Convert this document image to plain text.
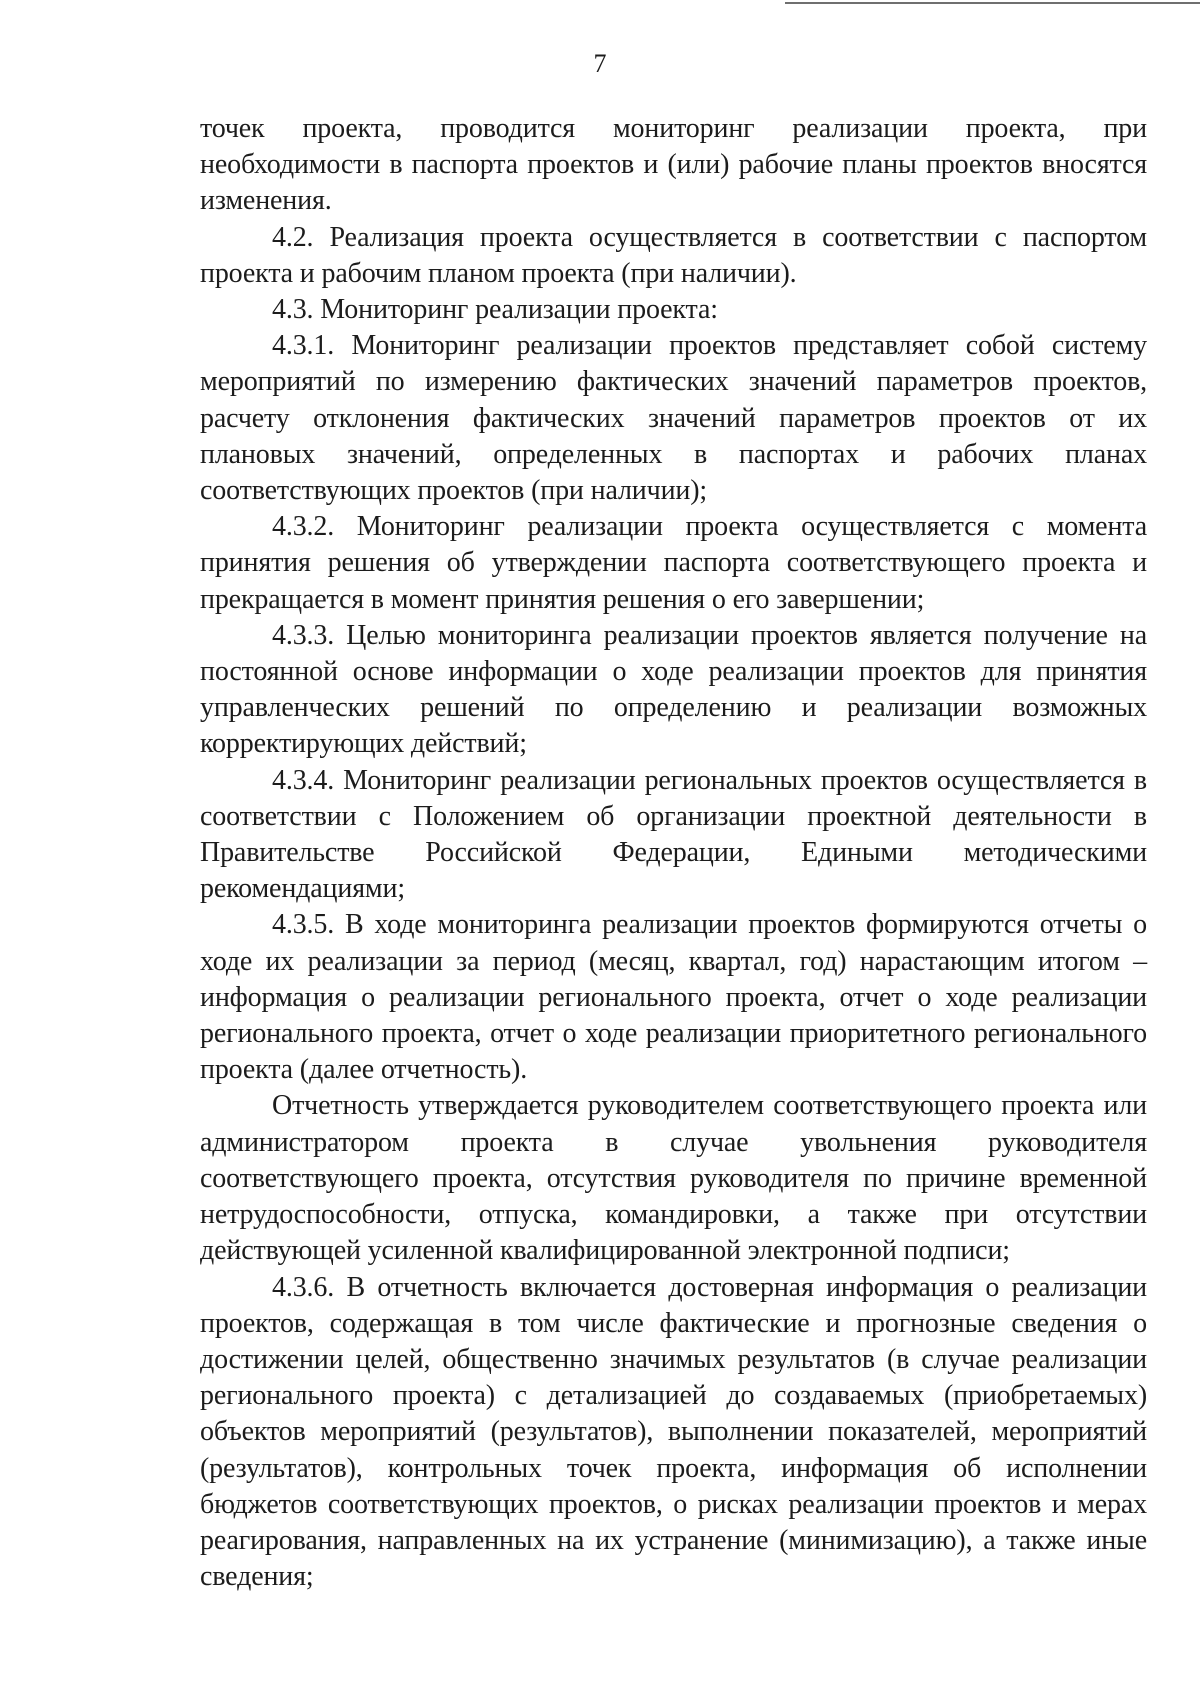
7

точек проекта, проводится мониторинг реализации проекта, при необходимости в паспорта проектов и (или) рабочие планы проектов вносятся изменения.

4.2. Реализация проекта осуществляется в соответствии с паспортом проекта и рабочим планом проекта (при наличии).

4.3. Мониторинг реализации проекта:

4.3.1. Мониторинг реализации проектов представляет собой систему мероприятий по измерению фактических значений параметров проектов, расчету отклонения фактических значений параметров проектов от их плановых значений, определенных в паспортах и рабочих планах соответствующих проектов (при наличии);

4.3.2. Мониторинг реализации проекта осуществляется с момента принятия решения об утверждении паспорта соответствующего проекта и прекращается в момент принятия решения о его завершении;

4.3.3. Целью мониторинга реализации проектов является получение на постоянной основе информации о ходе реализации проектов для принятия управленческих решений по определению и реализации возможных корректирующих действий;

4.3.4. Мониторинг реализации региональных проектов осуществляется в соответствии с Положением об организации проектной деятельности в Правительстве Российской Федерации, Едиными методическими рекомендациями;

4.3.5. В ходе мониторинга реализации проектов формируются отчеты о ходе их реализации за период (месяц, квартал, год) нарастающим итогом – информация о реализации регионального проекта, отчет о ходе реализации регионального проекта, отчет о ходе реализации приоритетного регионального проекта (далее отчетность).

Отчетность утверждается руководителем соответствующего проекта или администратором проекта в случае увольнения руководителя соответствующего проекта, отсутствия руководителя по причине временной нетрудоспособности, отпуска, командировки, а также при отсутствии действующей усиленной квалифицированной электронной подписи;

4.3.6. В отчетность включается достоверная информация о реализации проектов, содержащая в том числе фактические и прогнозные сведения о достижении целей, общественно значимых результатов (в случае реализации регионального проекта) с детализацией до создаваемых (приобретаемых) объектов мероприятий (результатов), выполнении показателей, мероприятий (результатов), контрольных точек проекта, информация об исполнении бюджетов соответствующих проектов, о рисках реализации проектов и мерах реагирования, направленных на их устранение (минимизацию), а также иные сведения;
